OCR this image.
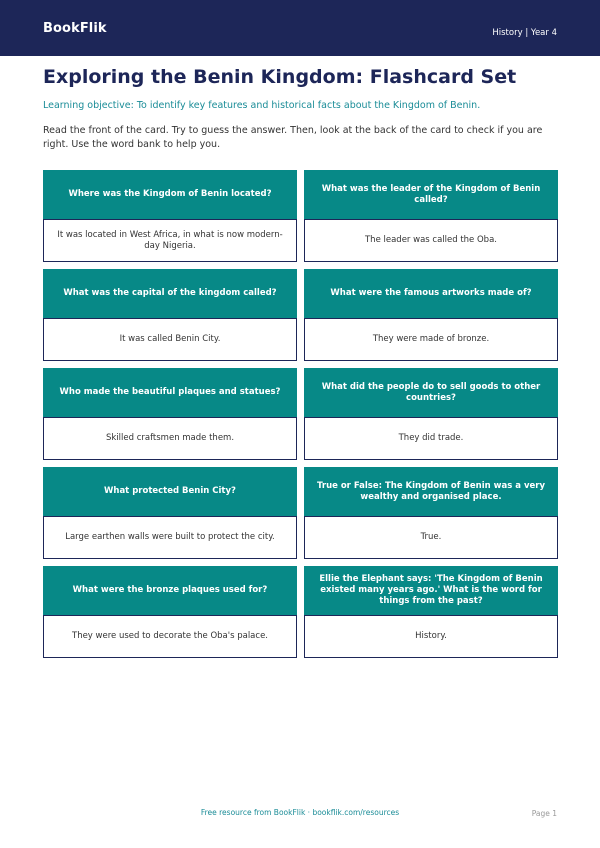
BookFlik	History | Year 4
Exploring the Benin Kingdom: Flashcard Set
Learning objective: To identify key features and historical facts about the Kingdom of Benin.
Read the front of the card. Try to guess the answer. Then, look at the back of the card to check if you are right. Use the word bank to help you.
Where was the Kingdom of Benin located?
It was located in West Africa, in what is now modern-day Nigeria.
What was the leader of the Kingdom of Benin called?
The leader was called the Oba.
What was the capital of the kingdom called?
It was called Benin City.
What were the famous artworks made of?
They were made of bronze.
Who made the beautiful plaques and statues?
Skilled craftsmen made them.
What did the people do to sell goods to other countries?
They did trade.
What protected Benin City?
Large earthen walls were built to protect the city.
True or False: The Kingdom of Benin was a very wealthy and organised place.
True.
What were the bronze plaques used for?
They were used to decorate the Oba's palace.
Ellie the Elephant says: 'The Kingdom of Benin existed many years ago.' What is the word for things from the past?
History.
Free resource from BookFlik · bookflik.com/resources	Page 1
